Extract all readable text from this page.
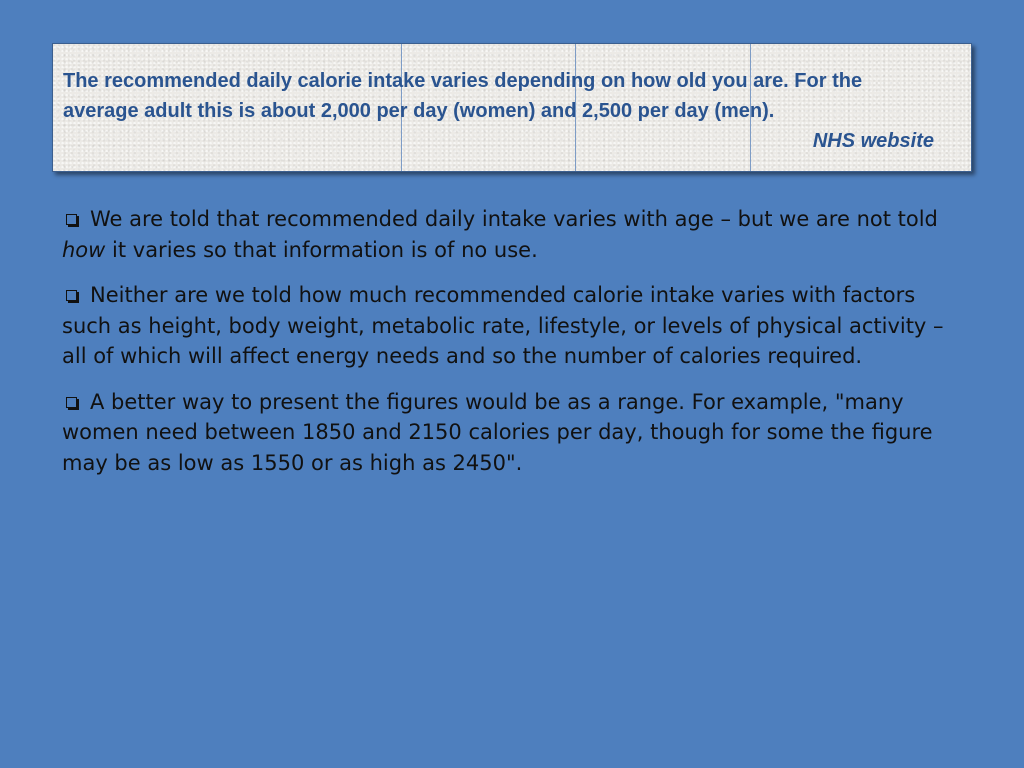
The recommended daily calorie intake varies depending on how old you are. For the average adult this is about 2,000 per day (women) and 2,500 per day (men).

NHS website

We are told that recommended daily intake varies with age – but we are not told how it varies so that information is of no use.

Neither are we told how much recommended calorie intake varies with factors such as height, body weight, metabolic rate, lifestyle, or levels of physical activity – all of which will affect energy needs and so the number of calories required.

A better way to present the figures would be as a range. For example, "many women need between 1850 and 2150 calories per day, though for some the figure may be as low as 1550 or as high as 2450".
